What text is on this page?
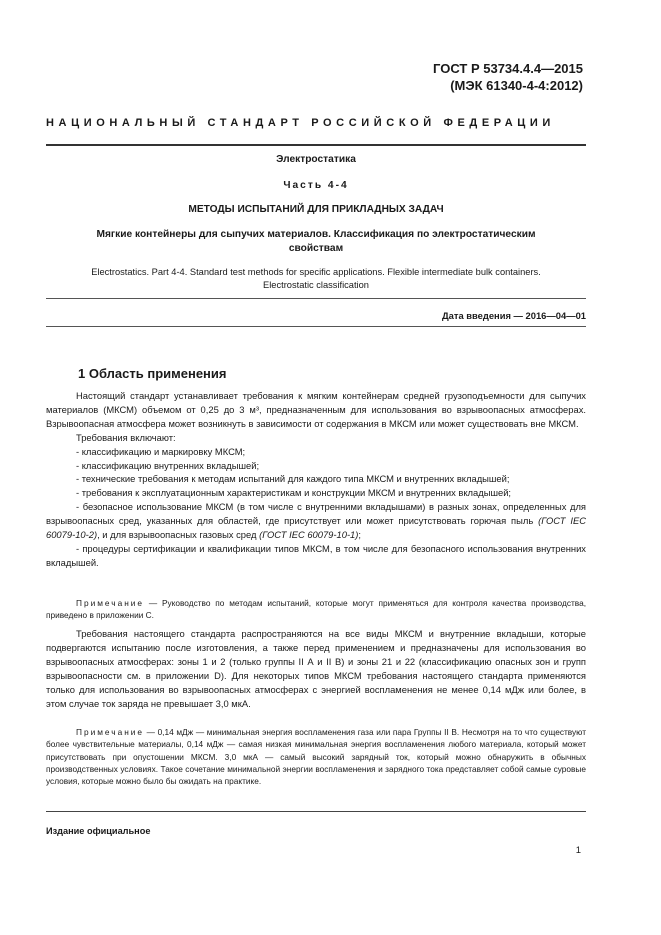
ГОСТ Р 53734.4.4—2015
(МЭК 61340-4-4:2012)
НАЦИОНАЛЬНЫЙ СТАНДАРТ РОССИЙСКОЙ ФЕДЕРАЦИИ
Электростатика
Часть 4-4
МЕТОДЫ ИСПЫТАНИЙ ДЛЯ ПРИКЛАДНЫХ ЗАДАЧ
Мягкие контейнеры для сыпучих материалов. Классификация по электростатическим
свойствам
Electrostatics. Part 4-4. Standard test methods for specific applications. Flexible intermediate bulk containers.
Electrostatic classification
Дата введения — 2016—04—01
1 Область применения
Настоящий стандарт устанавливает требования к мягким контейнерам средней грузоподъемности для сыпучих материалов (МКСМ) объемом от 0,25 до 3 м³, предназначенным для использования во взрывоопасных атмосферах. Взрывоопасная атмосфера может возникнуть в зависимости от содержания в МКСМ или может существовать вне МКСМ.
Требования включают:
- классификацию и маркировку МКСМ;
- классификацию внутренних вкладышей;
- технические требования к методам испытаний для каждого типа МКСМ и внутренних вкладышей;
- требования к эксплуатационным характеристикам и конструкции МКСМ и внутренних вкладышей;
- безопасное использование МКСМ (в том числе с внутренними вкладышами) в разных зонах, определенных для взрывоопасных сред, указанных для областей, где присутствует или может присутствовать горючая пыль (ГОСТ IEC 60079-10-2), и для взрывоопасных газовых сред (ГОСТ IEC 60079-10-1);
- процедуры сертификации и квалификации типов МКСМ, в том числе для безопасного использования внутренних вкладышей.
Примечание — Руководство по методам испытаний, которые могут применяться для контроля качества производства, приведено в приложении С.
Требования настоящего стандарта распространяются на все виды МКСМ и внутренние вкладыши, которые подвергаются испытанию после изготовления, а также перед применением и предназначены для использования во взрывоопасных атмосферах: зоны 1 и 2 (только группы II А и II В) и зоны 21 и 22 (классификацию опасных зон и групп взрывоопасности см. в приложении D). Для некоторых типов МКСМ требования настоящего стандарта применяются только для использования во взрывоопасных атмосферах с энергией воспламенения не менее 0,14 мДж или более, в этом случае ток заряда не превышает 3,0 мкА.
Примечание — 0,14 мДж — минимальная энергия воспламенения газа или пара Группы II В. Несмотря на то что существуют более чувствительные материалы, 0,14 мДж — самая низкая минимальная энергия воспламенения любого материала, который может присутствовать при опустошении МКСМ. 3,0 мкА — самый высокий зарядный ток, который можно обнаружить в обычных производственных условиях. Такое сочетание минимальной энергии воспламенения и зарядного тока представляет собой самые суровые условия, которые можно было бы ожидать на практике.
Издание официальное
1
